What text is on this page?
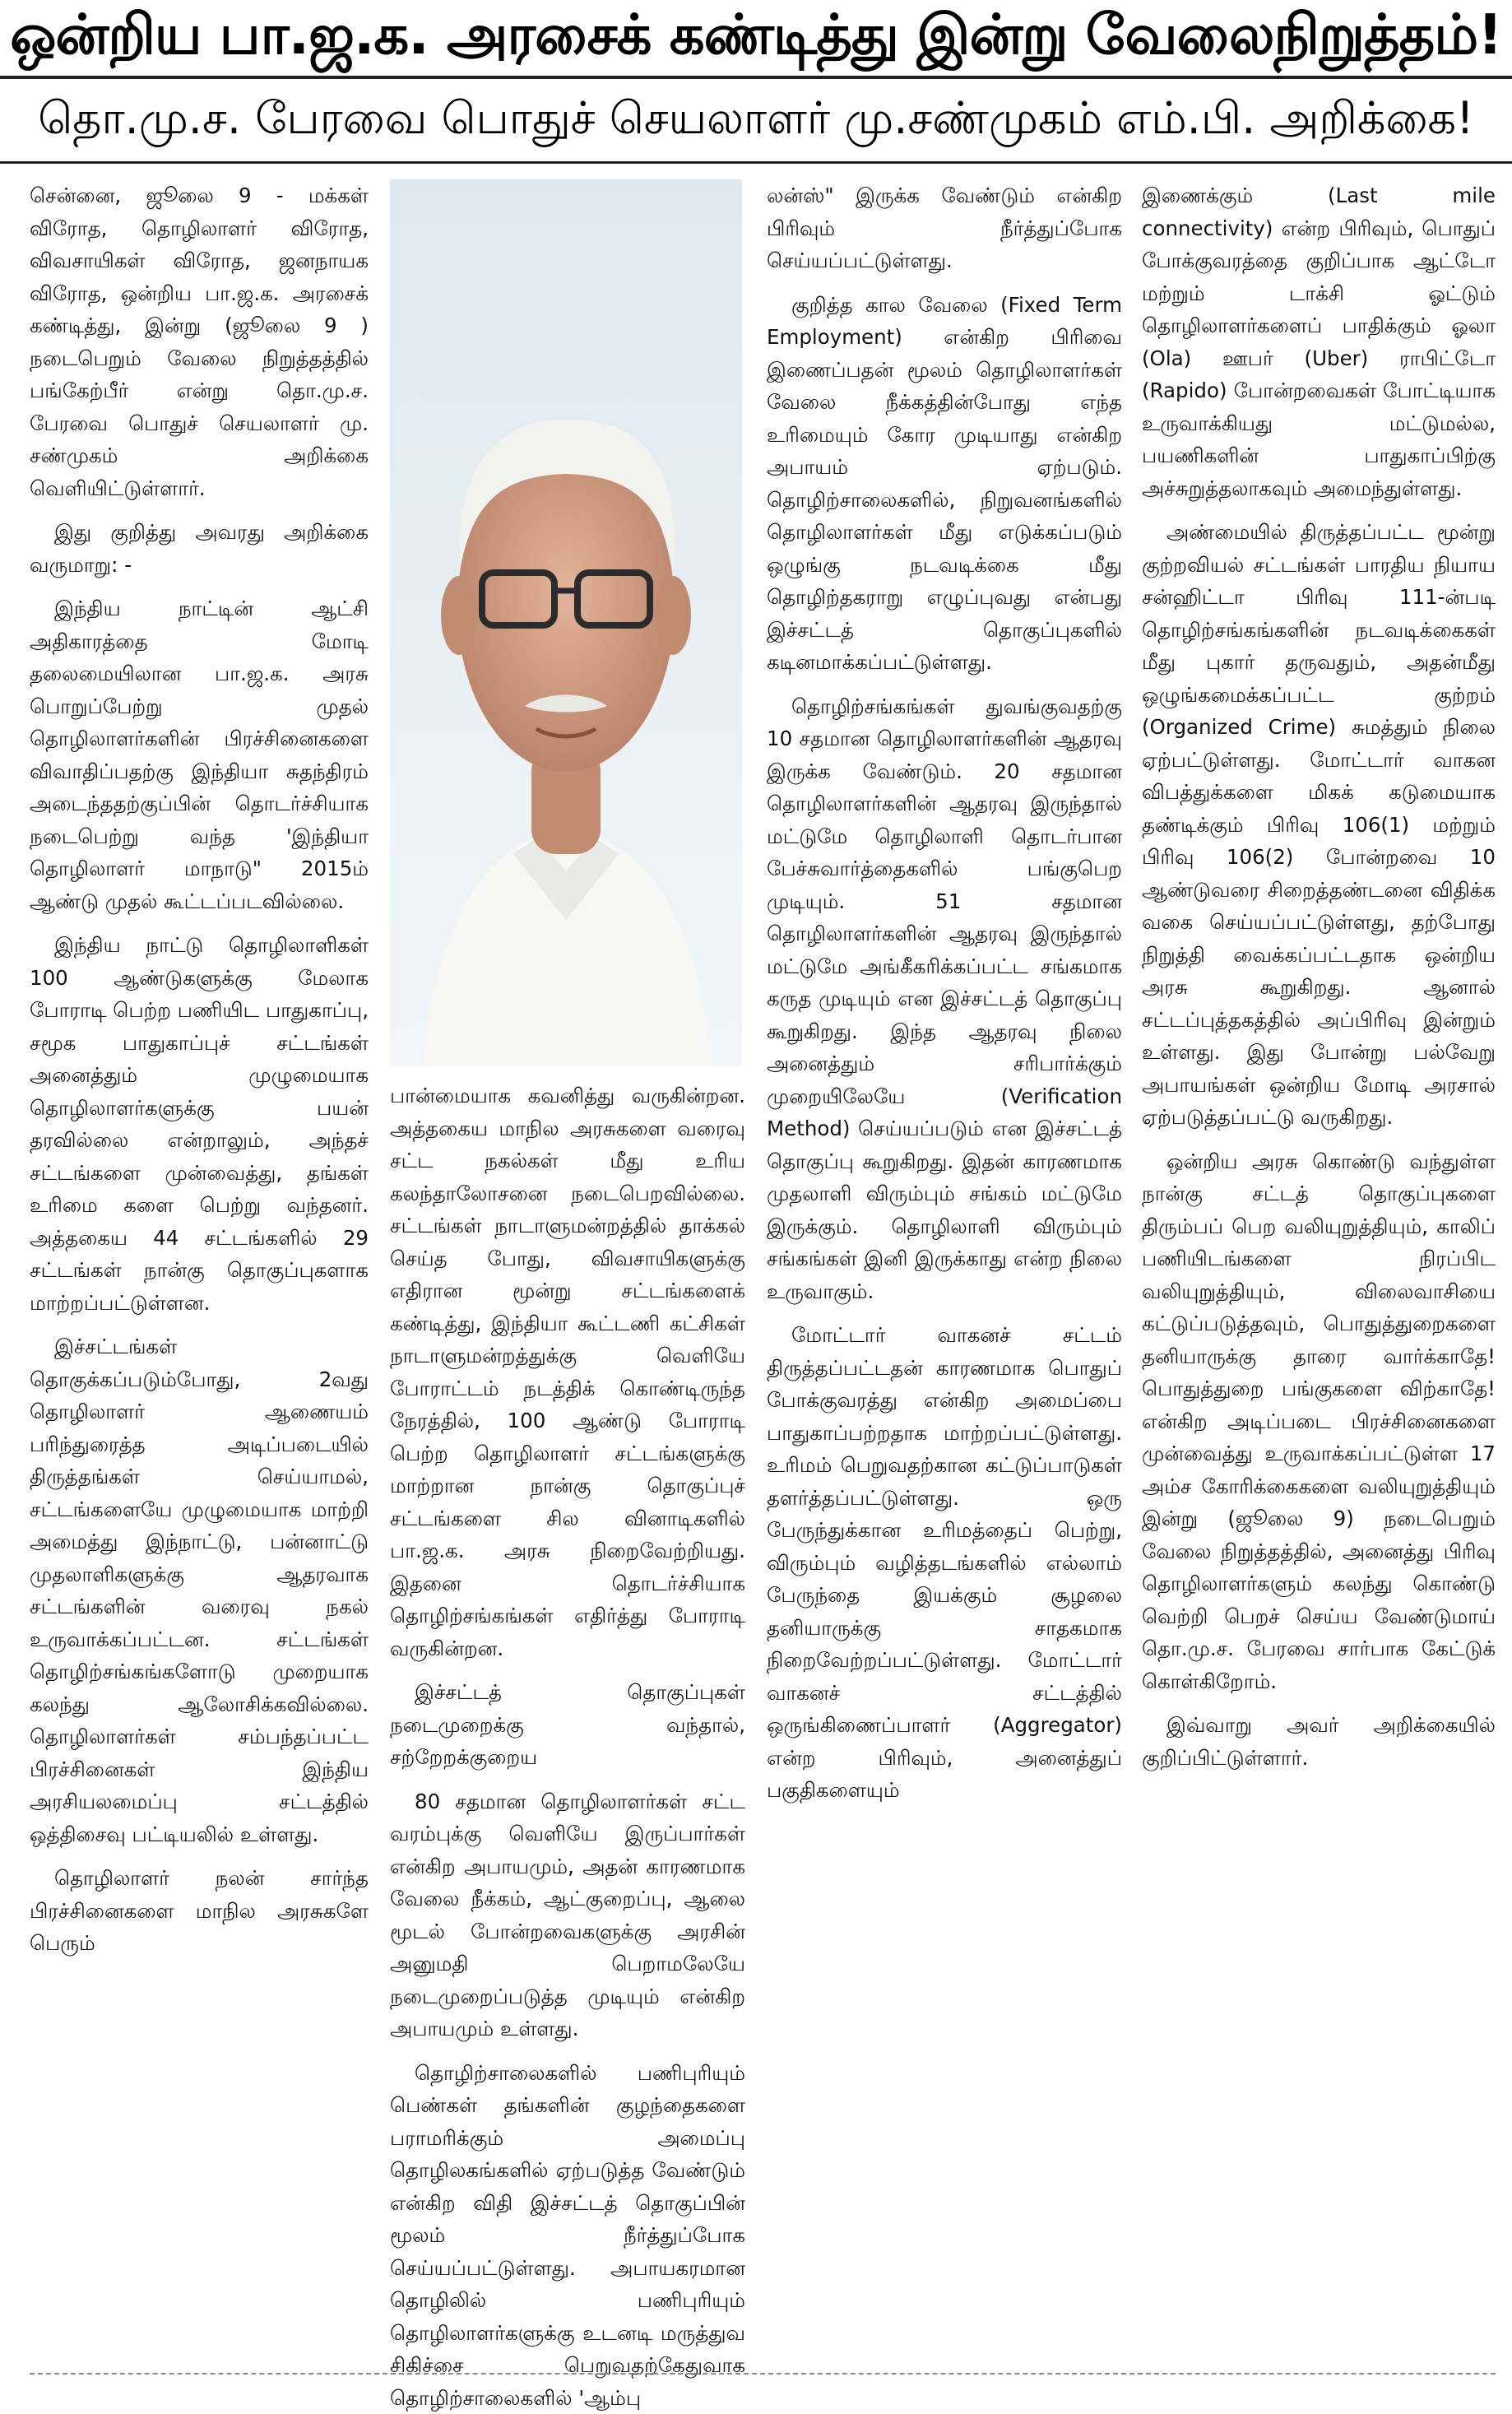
ஒன்றிய பா.ஜ.க. அரசைக் கண்டித்து இன்று வேலைநிறுத்தம்!
தொ.மு.ச. பேரவை பொதுச் செயலாளர் மு.சண்முகம் எம்.பி. அறிக்கை!

சென்னை, ஜூலை 9 - மக்கள் விரோத, தொழிலாளர் விரோத, விவசாயிகள் விரோத, ஜனநாயக விரோத, ஒன்றிய பா.ஜ.க. அரசைக் கண்டித்து, இன்று (ஜூலை 9 ) நடைபெறும் வேலை நிறுத்தத்தில் பங்கேற்பீர் என்று தொ.மு.ச. பேரவை பொதுச் செயலாளர் மு. சண்முகம் அறிக்கை வெளியிட்டுள்ளார்.

இது குறித்து அவரது அறிக்கை வருமாறு: -

இந்திய நாட்டின் ஆட்சி அதிகாரத்தை மோடி தலைமையிலான பா.ஜ.க. அரசு பொறுப்பேற்று முதல் தொழிலாளர்களின் பிரச்சினைகளை விவாதிப்பதற்கு இந்தியா சுதந்திரம் அடைந்ததற்குப்பின் தொடர்ச்சியாக நடைபெற்று வந்த 'இந்தியா தொழிலாளர் மாநாடு" 2015ம் ஆண்டு முதல் கூட்டப்படவில்லை.

இந்திய நாட்டு தொழிலாளிகள் 100 ஆண்டுகளுக்கு மேலாக போராடி பெற்ற பணியிட பாதுகாப்பு, சமூக பாதுகாப்புச் சட்டங்கள் அனைத்தும் முழுமையாக தொழிலாளர்களுக்கு பயன் தரவில்லை என்றாலும், அந்தச் சட்டங்களை முன்வைத்து, தங்கள் உரிமை களை பெற்று வந்தனர். அத்தகைய 44 சட்டங்களில் 29 சட்டங்கள் நான்கு தொகுப்புகளாக மாற்றப்பட்டுள்ளன.

இச்சட்டங்கள் தொகுக்கப்படும்போது, 2வது தொழிலாளர் ஆணையம் பரிந்துரைத்த அடிப்படையில் திருத்தங்கள் செய்யாமல், சட்டங்களையே முழுமையாக மாற்றி அமைத்து இந்நாட்டு, பன்னாட்டு முதலாளிகளுக்கு ஆதரவாக சட்டங்களின் வரைவு நகல் உருவாக்கப்பட்டன. சட்டங்கள் தொழிற்சங்கங்களோடு முறையாக கலந்து ஆலோசிக்கவில்லை. தொழிலாளர்கள் சம்பந்தப்பட்ட பிரச்சினைகள் இந்திய அரசியலமைப்பு சட்டத்தில் ஒத்திசைவு பட்டியலில் உள்ளது.

தொழிலாளர் நலன் சார்ந்த பிரச்சினைகளை மாநில அரசுகளே பெரும்

பான்மையாக கவனித்து வருகின்றன. அத்தகைய மாநில அரசுகளை வரைவு சட்ட நகல்கள் மீது உரிய கலந்தாலோசனை நடைபெறவில்லை. சட்டங்கள் நாடாளுமன்றத்தில் தாக்கல் செய்த போது, விவசாயிகளுக்கு எதிரான மூன்று சட்டங்களைக் கண்டித்து, இந்தியா கூட்டணி கட்சிகள் நாடாளுமன்றத்துக்கு வெளியே போராட்டம் நடத்திக் கொண்டிருந்த நேரத்தில், 100 ஆண்டு போராடி பெற்ற தொழிலாளர் சட்டங்களுக்கு மாற்றான நான்கு தொகுப்புச் சட்டங்களை சில வினாடிகளில் பா.ஜ.க. அரசு நிறைவேற்றியது. இதனை தொடர்ச்சியாக தொழிற்சங்கங்கள் எதிர்த்து போராடி வருகின்றன.

இச்சட்டத் தொகுப்புகள் நடைமுறைக்கு வந்தால், சற்றேறக்குறைய

80 சதமான தொழிலாளர்கள் சட்ட வரம்புக்கு வெளியே இருப்பார்கள் என்கிற அபாயமும், அதன் காரணமாக வேலை நீக்கம், ஆட்குறைப்பு, ஆலை மூடல் போன்றவைகளுக்கு அரசின் அனுமதி பெறாமலேயே நடைமுறைப்படுத்த முடியும் என்கிற அபாயமும் உள்ளது.

தொழிற்சாலைகளில் பணிபுரியும் பெண்கள் தங்களின் குழந்தைகளை பராமரிக்கும் அமைப்பு தொழிலகங்களில் ஏற்படுத்த வேண்டும் என்கிற விதி இச்சட்டத் தொகுப்பின் மூலம் நீர்த்துப்போக செய்யப்பட்டுள்ளது. அபாயகரமான தொழிலில் பணிபுரியும் தொழிலாளர்களுக்கு உடனடி மருத்துவ சிகிச்சை பெறுவதற்கேதுவாக தொழிற்சாலைகளில் 'ஆம்பு

லன்ஸ்" இருக்க வேண்டும் என்கிற பிரிவும் நீர்த்துப்போக செய்யப்பட்டுள்ளது.

குறித்த கால வேலை (Fixed Term Employment) என்கிற பிரிவை இணைப்பதன் மூலம் தொழிலாளர்கள் வேலை நீக்கத்தின்போது எந்த உரிமையும் கோர முடியாது என்கிற அபாயம் ஏற்படும். தொழிற்சாலைகளில், நிறுவனங்களில் தொழிலாளர்கள் மீது எடுக்கப்படும் ஒழுங்கு நடவடிக்கை மீது தொழிற்தகராறு எழுப்புவது என்பது இச்சட்டத் தொகுப்புகளில் கடினமாக்கப்பட்டுள்ளது.

தொழிற்சங்கங்கள் துவங்குவதற்கு 10 சதமான தொழிலாளர்களின் ஆதரவு இருக்க வேண்டும். 20 சதமான தொழிலாளர்களின் ஆதரவு இருந்தால் மட்டுமே தொழிலாளி தொடர்பான பேச்சுவார்த்தைகளில் பங்குபெற முடியும். 51 சதமான தொழிலாளர்களின் ஆதரவு இருந்தால் மட்டுமே அங்கீகரிக்கப்பட்ட சங்கமாக கருத முடியும் என இச்சட்டத் தொகுப்பு கூறுகிறது. இந்த ஆதரவு நிலை அனைத்தும் சரிபார்க்கும் முறையிலேயே (Verification Method) செய்யப்படும் என இச்சட்டத் தொகுப்பு கூறுகிறது. இதன் காரணமாக முதலாளி விரும்பும் சங்கம் மட்டுமே இருக்கும். தொழிலாளி விரும்பும் சங்கங்கள் இனி இருக்காது என்ற நிலை உருவாகும்.

மோட்டார் வாகனச் சட்டம் திருத்தப்பட்டதன் காரணமாக பொதுப் போக்குவரத்து என்கிற அமைப்பை பாதுகாப்பற்றதாக மாற்றப்பட்டுள்ளது. உரிமம் பெறுவதற்கான கட்டுப்பாடுகள் தளர்த்தப்பட்டுள்ளது. ஒரு பேருந்துக்கான உரிமத்தைப் பெற்று, விரும்பும் வழித்தடங்களில் எல்லாம் பேருந்தை இயக்கும் சூழலை தனியாருக்கு சாதகமாக நிறைவேற்றப்பட்டுள்ளது. மோட்டார் வாகனச் சட்டத்தில் ஒருங்கிணைப்பாளர் (Aggregator) என்ற பிரிவும், அனைத்துப் பகுதிகளையும்

இணைக்கும் (Last mile connectivity) என்ற பிரிவும், பொதுப் போக்குவரத்தை குறிப்பாக ஆட்டோ மற்றும் டாக்சி ஓட்டும் தொழிலாளர்களைப் பாதிக்கும் ஓலா (Ola) ஊபர் (Uber) ராபிட்டோ (Rapido) போன்றவைகள் போட்டியாக உருவாக்கியது மட்டுமல்ல, பயணிகளின் பாதுகாப்பிற்கு அச்சுறுத்தலாகவும் அமைந்துள்ளது.

அண்மையில் திருத்தப்பட்ட மூன்று குற்றவியல் சட்டங்கள் பாரதிய நியாய சன்ஹிட்டா பிரிவு 111-ன்படி தொழிற்சங்கங்களின் நடவடிக்கைகள் மீது புகார் தருவதும், அதன்மீது ஒழுங்கமைக்கப்பட்ட குற்றம் (Organized Crime) சுமத்தும் நிலை ஏற்பட்டுள்ளது. மோட்டார் வாகன விபத்துக்களை மிகக் கடுமையாக தண்டிக்கும் பிரிவு 106(1) மற்றும் பிரிவு 106(2) போன்றவை 10 ஆண்டுவரை சிறைத்தண்டனை விதிக்க வகை செய்யப்பட்டுள்ளது, தற்போது நிறுத்தி வைக்கப்பட்டதாக ஒன்றிய அரசு கூறுகிறது. ஆனால் சட்டப்புத்தகத்தில் அப்பிரிவு இன்றும் உள்ளது. இது போன்று பல்வேறு அபாயங்கள் ஒன்றிய மோடி அரசால் ஏற்படுத்தப்பட்டு வருகிறது.

ஒன்றிய அரசு கொண்டு வந்துள்ள நான்கு சட்டத் தொகுப்புகளை திரும்பப் பெற வலியுறுத்தியும், காலிப் பணியிடங்களை நிரப்பிட வலியுறுத்தியும், விலைவாசியை கட்டுப்படுத்தவும், பொதுத்துறைகளை தனியாருக்கு தாரை வார்க்காதே! பொதுத்துறை பங்குகளை விற்காதே! என்கிற அடிப்படை பிரச்சினைகளை முன்வைத்து உருவாக்கப்பட்டுள்ள 17 அம்ச கோரிக்கைகளை வலியுறுத்தியும் இன்று (ஜூலை 9) நடைபெறும் வேலை நிறுத்தத்தில், அனைத்து பிரிவு தொழிலாளர்களும் கலந்து கொண்டு வெற்றி பெறச் செய்ய வேண்டுமாய் தொ.மு.ச. பேரவை சார்பாக கேட்டுக் கொள்கிறோம்.

இவ்வாறு அவர் அறிக்கையில் குறிப்பிட்டுள்ளார்.
